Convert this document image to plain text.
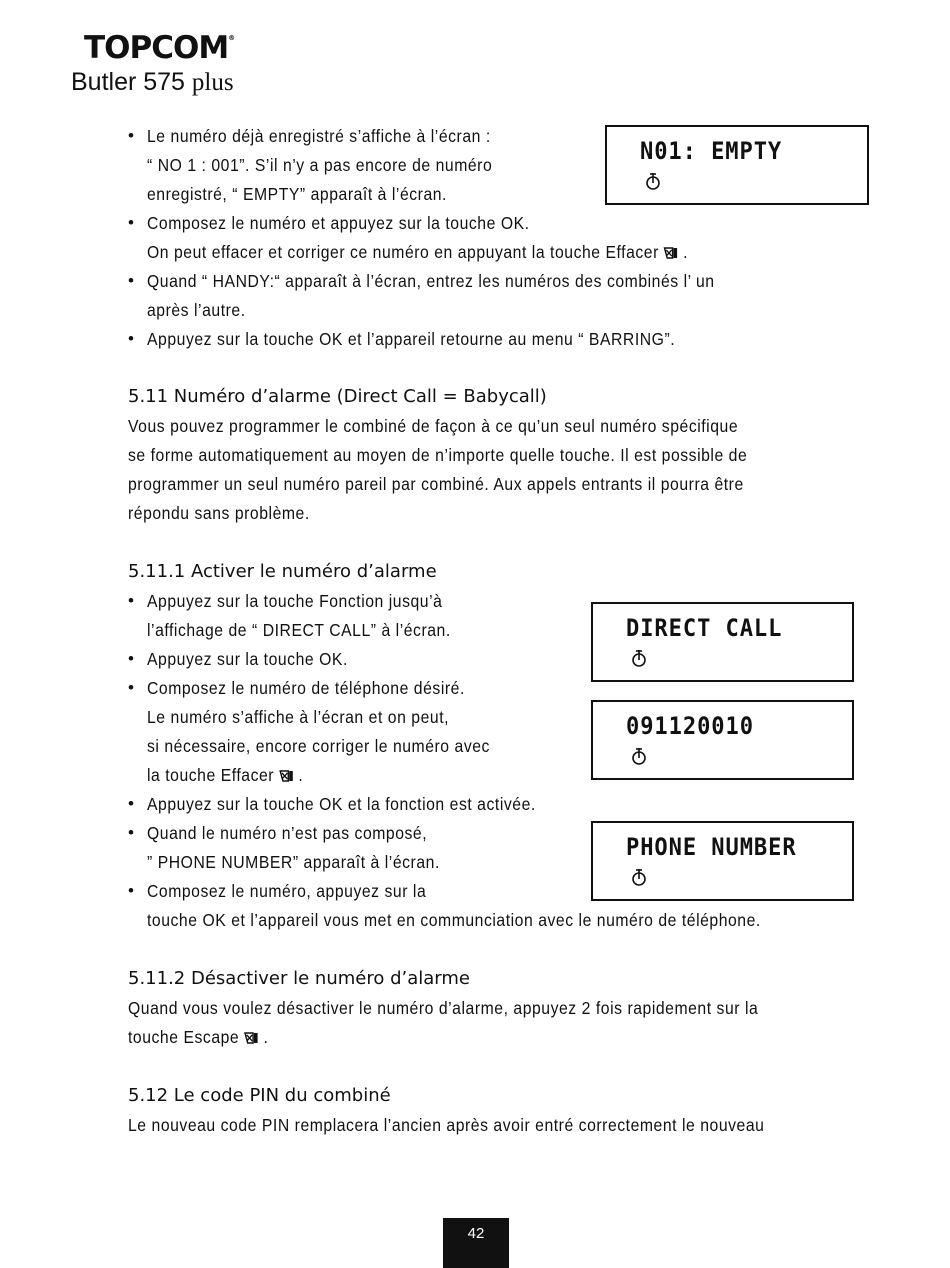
TOPCOM®
Butler 575 plus
• Le numéro déjà enregistré s’affiche à l’écran :
“ NO 1 : 001”. S’il n’y a pas encore de numéro
enregistré, “ EMPTY” apparaît à l’écran.
• Composez le numéro et appuyez sur la touche OK.
On peut effacer et corriger ce numéro en appuyant la touche Effacer .
• Quand “ HANDY:“ apparaît à l’écran, entrez les numéros des combinés l’ un
après l’autre.
• Appuyez sur la touche OK et l’appareil retourne au menu “ BARRING”.
N01: EMPTY
5.11 Numéro d’alarme (Direct Call = Babycall)
Vous pouvez programmer le combiné de façon à ce qu’un seul numéro spécifique
se forme automatiquement au moyen de n’importe quelle touche. Il est possible de
programmer un seul numéro pareil par combiné. Aux appels entrants il pourra être
répondu sans problème.
5.11.1 Activer le numéro d’alarme
• Appuyez sur la touche Fonction jusqu’à
l’affichage de “ DIRECT CALL” à l’écran.
• Appuyez sur la touche OK.
• Composez le numéro de téléphone désiré.
Le numéro s’affiche à l’écran et on peut,
si nécessaire, encore corriger le numéro avec
la touche Effacer .
• Appuyez sur la touche OK et la fonction est activée.
• Quand le numéro n’est pas composé,
” PHONE NUMBER” apparaît à l’écran.
• Composez le numéro, appuyez sur la
touche OK et l’appareil vous met en communciation avec le numéro de téléphone.
DIRECT CALL
091120010
PHONE NUMBER
5.11.2 Désactiver le numéro d’alarme
Quand vous voulez désactiver le numéro d’alarme, appuyez 2 fois rapidement sur la
touche Escape .
5.12 Le code PIN du combiné
Le nouveau code PIN remplacera l’ancien après avoir entré correctement le nouveau
42
